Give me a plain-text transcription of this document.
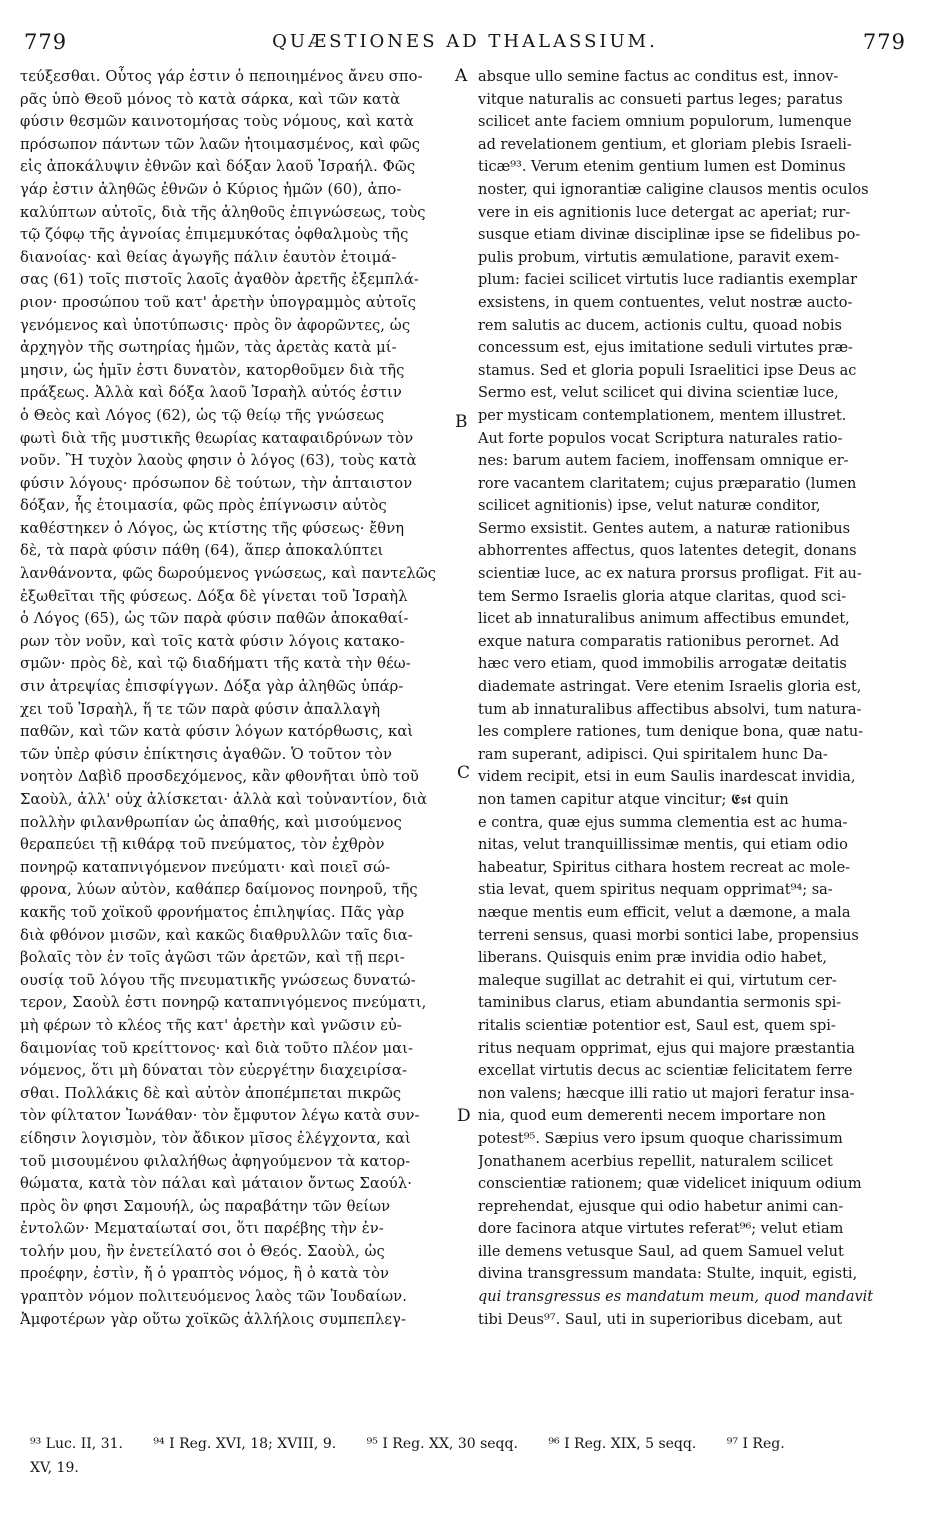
779	QUÆSTIONES AD THALASSIUM.	779
τεύξεσθαι. Οὗτος γάρ ἐστιν ὁ πεποιημένος ἄνευ σπο-
ρᾶς ὑπὸ Θεοῦ μόνος τὸ κατὰ σάρκα, καὶ τῶν κατὰ
φύσιν θεσμῶν καινοτομήσας τοὺς νόμους, καὶ κατὰ
πρόσωπον πάντων τῶν λαῶν ἡτοιμασμένος, καὶ φῶς
εἰς ἀποκάλυψιν ἐθνῶν καὶ δόξαν λαοῦ Ἰσραήλ. Φῶς
γάρ ἐστιν ἀληθῶς ἐθνῶν ὁ Κύριος ἡμῶν (60), ἀπο-
καλύπτων αὐτοῖς, διὰ τῆς ἀληθοῦς ἐπιγνώσεως, τοὺς
τῷ ζόφῳ τῆς ἀγνοίας ἐπιμεμυκότας ὀφθαλμοὺς τῆς
διανοίας· καὶ θείας ἀγωγῆς πάλιν ἑαυτὸν ἑτοιμά-
σας (61) τοῖς πιστοῖς λαοῖς ἀγαθὸν ἀρετῆς ἐξεμπλά-
ριον· προσώπου τοῦ κατ' ἀρετὴν ὑπογραμμὸς αὐτοῖς
γενόμενος καὶ ὑποτύπωσις· πρὸς ὃν ἀφορῶντες, ὡς
ἀρχηγὸν τῆς σωτηρίας ἡμῶν, τὰς ἀρετὰς κατὰ μί-
μησιν, ὡς ἡμῖν ἐστι δυνατὸν, κατορθοῦμεν διὰ τῆς
πράξεως. Ἀλλὰ καὶ δόξα λαοῦ Ἰσραὴλ αὐτός ἐστιν
ὁ Θεὸς καὶ Λόγος (62), ὡς τῷ θείῳ τῆς γνώσεως
φωτὶ διὰ τῆς μυστικῆς θεωρίας καταφαιδρύνων τὸν
νοῦν. Ἢ τυχὸν λαοὺς φησιν ὁ λόγος (63), τοὺς κατὰ
φύσιν λόγους· πρόσωπον δὲ τούτων, τὴν ἀπταιστον
δόξαν, ἧς ἑτοιμασία, φῶς πρὸς ἐπίγνωσιν αὐτὸς
καθέστηκεν ὁ Λόγος, ὡς κτίστης τῆς φύσεως· ἔθνη
δὲ, τὰ παρὰ φύσιν πάθη (64), ἅπερ ἀποκαλύπτει
λανθάνοντα, φῶς δωρούμενος γνώσεως, καὶ παντελῶς
ἐξωθεῖται τῆς φύσεως. Δόξα δὲ γίνεται τοῦ Ἰσραὴλ
ὁ Λόγος (65), ὡς τῶν παρὰ φύσιν παθῶν ἀποκαθαί-
ρων τὸν νοῦν, καὶ τοῖς κατὰ φύσιν λόγοις κατακο-
σμῶν· πρὸς δὲ, καὶ τῷ διαδήματι τῆς κατὰ τὴν θέω-
σιν ἀτρεψίας ἐπισφίγγων. Δόξα γὰρ ἀληθῶς ὑπάρ-
χει τοῦ Ἰσραὴλ, ἥ τε τῶν παρὰ φύσιν ἀπαλλαγὴ
παθῶν, καὶ τῶν κατὰ φύσιν λόγων κατόρθωσις, καὶ
τῶν ὑπὲρ φύσιν ἐπίκτησις ἀγαθῶν. Ὁ τοῦτον τὸν
νοητὸν Δαβὶδ προσδεχόμενος, κἂν φθονῆται ὑπὸ τοῦ
Σαοὺλ, ἀλλ' οὐχ ἁλίσκεται· ἀλλὰ καὶ τοὐναντίον, διὰ
πολλὴν φιλανθρωπίαν ὡς ἀπαθής, καὶ μισούμενος
θεραπεύει τῇ κιθάρᾳ τοῦ πνεύματος, τὸν ἐχθρὸν
πονηρῷ καταπνιγόμενον πνεύματι· καὶ ποιεῖ σώ-
φρονα, λύων αὐτὸν, καθάπερ δαίμονος πονηροῦ, τῆς
κακῆς τοῦ χοϊκοῦ φρονήματος ἐπιληψίας. Πᾶς γὰρ
διὰ φθόνον μισῶν, καὶ κακῶς διαθρυλλῶν ταῖς δια-
βολαῖς τὸν ἐν τοῖς ἀγῶσι τῶν ἀρετῶν, καὶ τῇ περι-
ουσίᾳ τοῦ λόγου τῆς πνευματικῆς γνώσεως δυνατώ-
τερον, Σαοὺλ ἐστι πονηρῷ καταπνιγόμενος πνεύματι,
μὴ φέρων τὸ κλέος τῆς κατ' ἀρετὴν καὶ γνῶσιν εὐ-
δαιμονίας τοῦ κρείττονος· καὶ διὰ τοῦτο πλέον μαι-
νόμενος, ὅτι μὴ δύναται τὸν εὐεργέτην διαχειρίσα-
σθαι. Πολλάκις δὲ καὶ αὐτὸν ἀποπέμπεται πικρῶς
τὸν φίλτατον Ἰωνάθαν· τὸν ἔμφυτον λέγω κατὰ συν-
είδησιν λογισμὸν, τὸν ἄδικον μῖσος ἐλέγχοντα, καὶ
τοῦ μισουμένου φιλαλήθως ἀφηγούμενον τὰ κατορ-
θώματα, κατὰ τὸν πάλαι καὶ μάταιον ὄντως Σαούλ·
πρὸς ὃν φησι Σαμουήλ, ὡς παραβάτην τῶν θείων
ἐντολῶν· Μεματαίωταί σοι, ὅτι παρέβης τὴν ἐν-
τολήν μου, ἣν ἐνετείλατό σοι ὁ Θεός. Σαοὺλ, ὡς
προέφην, ἐστὶν, ἤ ὁ γραπτὸς νόμος, ἢ ὁ κατὰ τὸν
γραπτὸν νόμον πολιτευόμενος λαὸς τῶν Ἰουδαίων.
Ἀμφοτέρων γὰρ οὕτω χοϊκῶς ἀλλήλοις συμπεπλεγ-
absque ullo semine factus ac conditus est, innov-
vitque naturalis ac consueti partus leges; paratus
scilicet ante faciem omnium populorum, lumenque
ad revelationem gentium, et gloriam plebis Israeli-
ticæ⁹³. Verum etenim gentium lumen est Dominus
noster, qui ignorantiæ caligine clausos mentis oculos
vere in eis agnitionis luce detergat ac aperiat; rur-
susque etiam divinæ disciplinæ ipse se fidelibus po-
pulis probum, virtutis æmulatione, paravit exem-
plum: faciei scilicet virtutis luce radiantis exemplar
exsistens, in quem contuentes, velut nostræ aucto-
rem salutis ac ducem, actionis cultu, quoad nobis
concessum est, ejus imitatione seduli virtutes præ-
stamus. Sed et gloria populi Israelitici ipse Deus ac
Sermo est, velut scilicet qui divina scientiæ luce,
per mysticam contemplationem, mentem illustret.
Aut forte populos vocat Scriptura naturales ratio-
nes: barum autem faciem, inoffensam omnique er-
rore vacantem claritatem; cujus præparatio (lumen
scilicet agnitionis) ipse, velut naturæ conditor,
Sermo exsistit. Gentes autem, a naturæ rationibus
abhorrentes affectus, quos latentes detegit, donans
scientiæ luce, ac ex natura prorsus profligat. Fit au-
tem Sermo Israelis gloria atque claritas, quod sci-
licet ab innaturalibus animum affectibus emundet,
exque natura comparatis rationibus perornet. Ad
hæc vero etiam, quod immobilis arrogatæ deitatis
diademate astringat. Vere etenim Israelis gloria est,
tum ab innaturalibus affectibus absolvi, tum natura-
les complere rationes, tum denique bona, quæ natu-
ram superant, adipisci. Qui spiritalem hunc Da-
videm recipit, etsi in eum Saulis inardescat invidia,
non tamen capitur atque vincitur; 𝕰𝖘𝖙 quin
e contra, quæ ejus summa clementia est ac huma-
nitas, velut tranquillissimæ mentis, qui etiam odio
habeatur, Spiritus cithara hostem recreat ac mole-
stia levat, quem spiritus nequam opprimat⁹⁴; sa-
næque mentis eum efficit, velut a dæmone, a mala
terreni sensus, quasi morbi sontici labe, propensius
liberans. Quisquis enim præ invidia odio habet,
maleque sugillat ac detrahit ei qui, virtutum cer-
taminibus clarus, etiam abundantia sermonis spi-
ritalis scientiæ potentior est, Saul est, quem spi-
ritus nequam opprimat, ejus qui majore præstantia
excellat virtutis decus ac scientiæ felicitatem ferre
non valens; hæcque illi ratio ut majori feratur insa-
nia, quod eum demerenti necem importare non
potest⁹⁵. Sæpius vero ipsum quoque charissimum
Jonathanem acerbius repellit, naturalem scilicet
conscientiæ rationem; quæ videlicet iniquum odium
reprehendat, ejusque qui odio habetur animi can-
dore facinora atque virtutes referat⁹⁶; velut etiam
ille demens vetusque Saul, ad quem Samuel velut
divina transgressum mandata: Stulte, inquit, egisti,
qui transgressus es mandatum meum, quod mandavit
tibi Deus⁹⁷. Saul, uti in superioribus dicebam, aut
A
B
C
D
⁹³ Luc. II, 31. ⁹⁴ I Reg. XVI, 18; XVIII, 9. ⁹⁵ I Reg. XX, 30 seqq. ⁹⁶ I Reg. XIX, 5 seqq. ⁹⁷ I Reg.
XV, 19.
